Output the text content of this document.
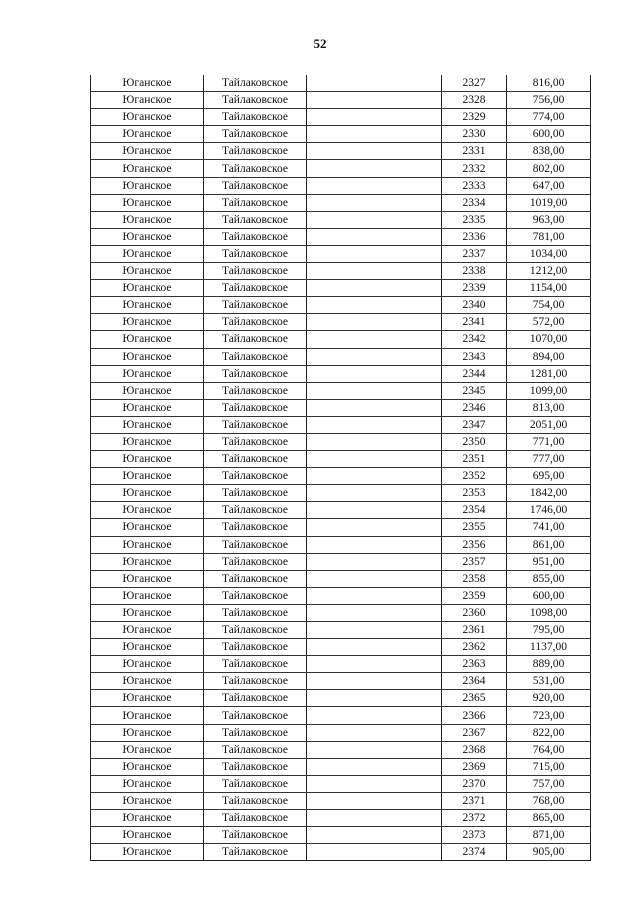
52
Юганское	Тайлаковское		2327	816,00
Юганское	Тайлаковское		2328	756,00
Юганское	Тайлаковское		2329	774,00
Юганское	Тайлаковское		2330	600,00
Юганское	Тайлаковское		2331	838,00
Юганское	Тайлаковское		2332	802,00
Юганское	Тайлаковское		2333	647,00
Юганское	Тайлаковское		2334	1019,00
Юганское	Тайлаковское		2335	963,00
Юганское	Тайлаковское		2336	781,00
Юганское	Тайлаковское		2337	1034,00
Юганское	Тайлаковское		2338	1212,00
Юганское	Тайлаковское		2339	1154,00
Юганское	Тайлаковское		2340	754,00
Юганское	Тайлаковское		2341	572,00
Юганское	Тайлаковское		2342	1070,00
Юганское	Тайлаковское		2343	894,00
Юганское	Тайлаковское		2344	1281,00
Юганское	Тайлаковское		2345	1099,00
Юганское	Тайлаковское		2346	813,00
Юганское	Тайлаковское		2347	2051,00
Юганское	Тайлаковское		2350	771,00
Юганское	Тайлаковское		2351	777,00
Юганское	Тайлаковское		2352	695,00
Юганское	Тайлаковское		2353	1842,00
Юганское	Тайлаковское		2354	1746,00
Юганское	Тайлаковское		2355	741,00
Юганское	Тайлаковское		2356	861,00
Юганское	Тайлаковское		2357	951,00
Юганское	Тайлаковское		2358	855,00
Юганское	Тайлаковское		2359	600,00
Юганское	Тайлаковское		2360	1098,00
Юганское	Тайлаковское		2361	795,00
Юганское	Тайлаковское		2362	1137,00
Юганское	Тайлаковское		2363	889,00
Юганское	Тайлаковское		2364	531,00
Юганское	Тайлаковское		2365	920,00
Юганское	Тайлаковское		2366	723,00
Юганское	Тайлаковское		2367	822,00
Юганское	Тайлаковское		2368	764,00
Юганское	Тайлаковское		2369	715,00
Юганское	Тайлаковское		2370	757,00
Юганское	Тайлаковское		2371	768,00
Юганское	Тайлаковское		2372	865,00
Юганское	Тайлаковское		2373	871,00
Юганское	Тайлаковское		2374	905,00
